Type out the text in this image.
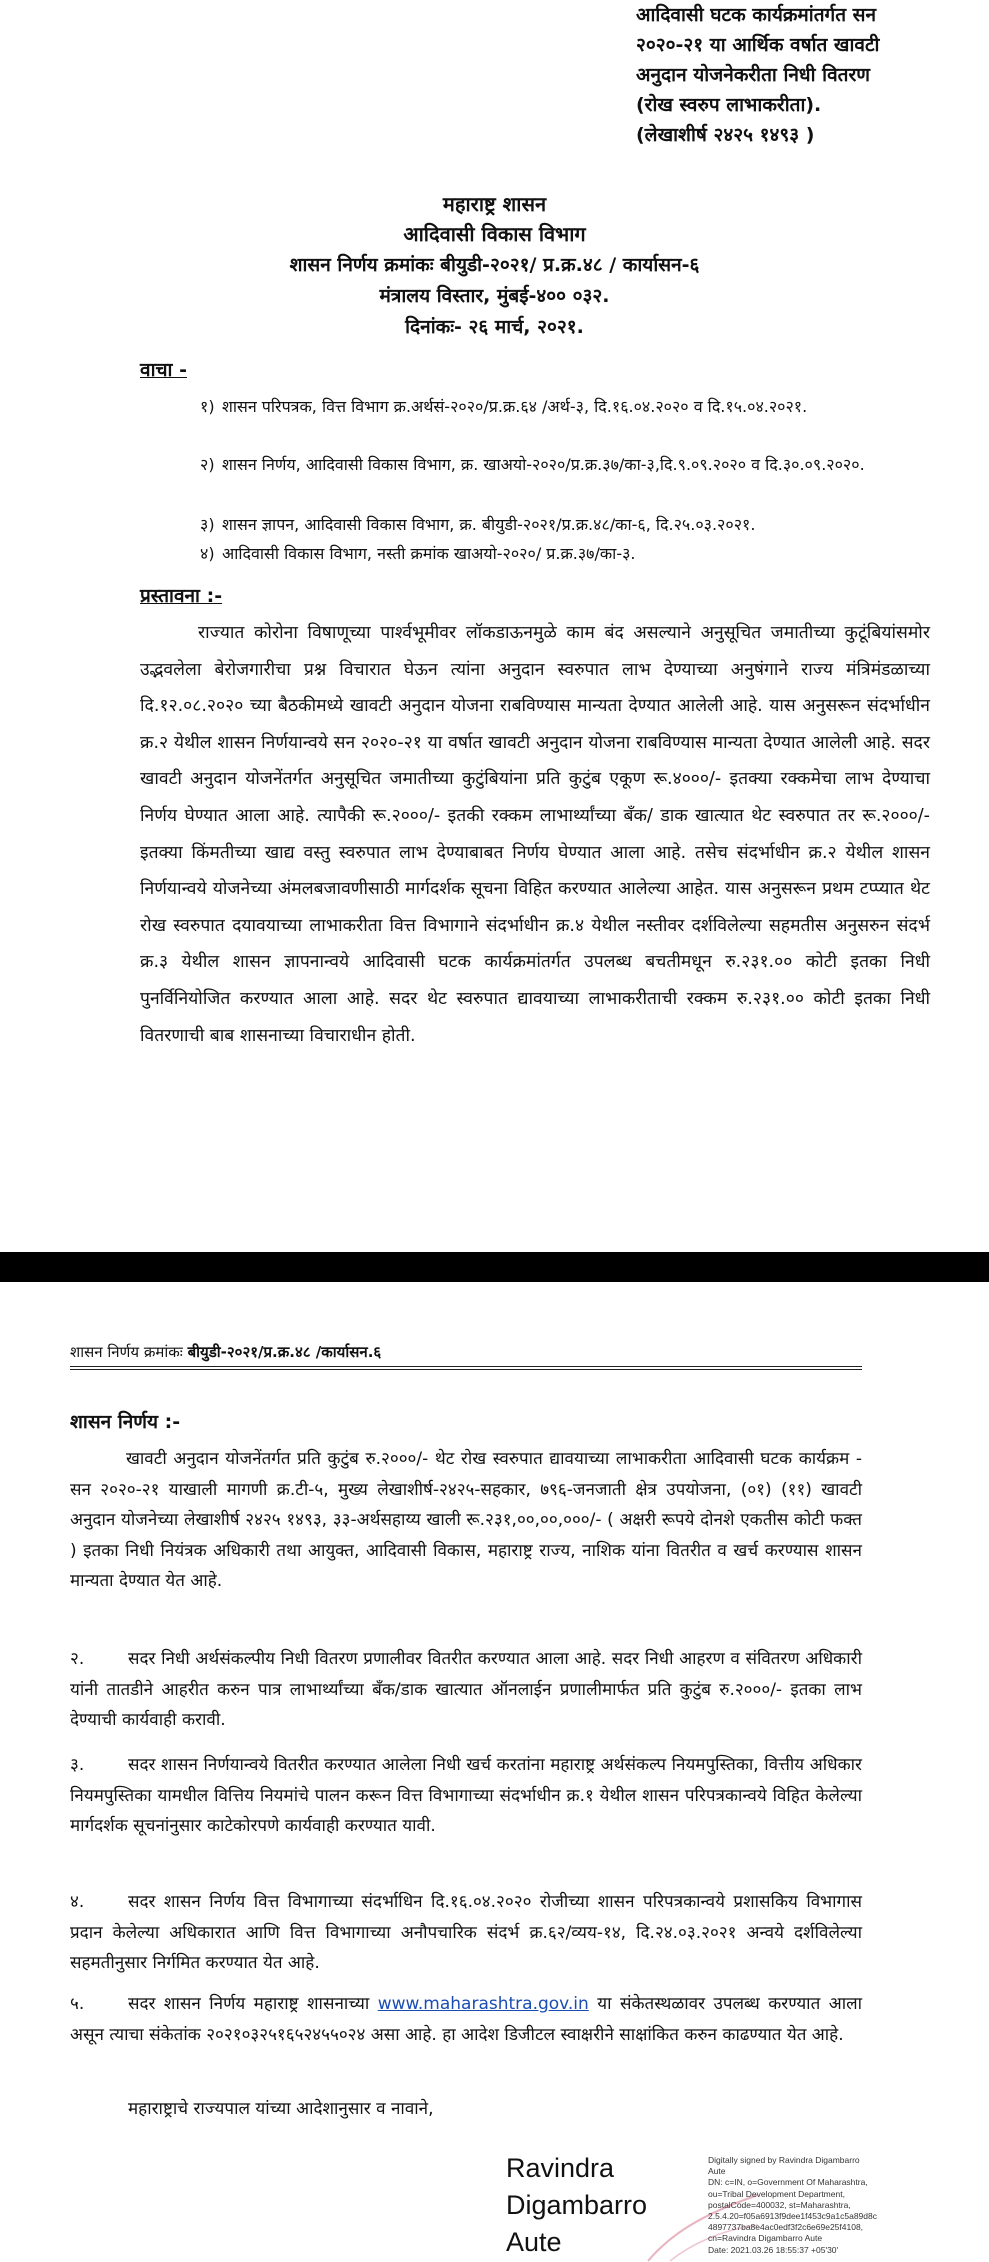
आदिवासी घटक कार्यक्रमांतर्गत सन
२०२०-२१ या आर्थिक वर्षात खावटी
अनुदान योजनेकरीता निधी वितरण
(रोख स्वरुप लाभाकरीता).
(लेखाशीर्ष २४२५ १४९३ )
महाराष्ट्र शासन
आदिवासी विकास विभाग
शासन निर्णय क्रमांकः बीयुडी-२०२१/ प्र.क्र.४८ / कार्यासन-६
मंत्रालय विस्तार, मुंबई-४०० ०३२.
दिनांकः- २६ मार्च, २०२१.
वाचा -
१) शासन परिपत्रक, वित्त विभाग क्र.अर्थसं-२०२०/प्र.क्र.६४ /अर्थ-३, दि.१६.०४.२०२० व दि.१५.०४.२०२१.
२) शासन निर्णय, आदिवासी विकास विभाग, क्र. खाअयो-२०२०/प्र.क्र.३७/का-३,दि.९.०९.२०२० व दि.३०.०९.२०२०.
३) शासन ज्ञापन, आदिवासी विकास विभाग, क्र. बीयुडी-२०२१/प्र.क्र.४८/का-६, दि.२५.०३.२०२१.
४) आदिवासी विकास विभाग, नस्ती क्रमांक खाअयो-२०२०/ प्र.क्र.३७/का-३.
प्रस्तावना :-
राज्यात कोरोना विषाणूच्या पार्श्वभूमीवर लॉकडाऊनमुळे काम बंद असल्याने अनुसूचित जमातीच्या कुटूंबियांसमोर उद्भवलेला बेरोजगारीचा प्रश्न विचारात घेऊन त्यांना अनुदान स्वरुपात लाभ देण्याच्या अनुषंगाने राज्य मंत्रिमंडळाच्या दि.१२.०८.२०२० च्या बैठकीमध्ये खावटी अनुदान योजना राबविण्यास मान्यता देण्यात आलेली आहे. यास अनुसरून संदर्भाधीन क्र.२ येथील शासन निर्णयान्वये सन २०२०-२१ या वर्षात खावटी अनुदान योजना राबविण्यास मान्यता देण्यात आलेली आहे. सदर खावटी अनुदान योजनेंतर्गत अनुसूचित जमातीच्या कुटुंबियांना प्रति कुटुंब एकूण रू.४०००/- इतक्या रक्कमेचा लाभ देण्याचा निर्णय घेण्यात आला आहे. त्यापैकी रू.२०००/- इतकी रक्कम लाभार्थ्यांच्या बँक/ डाक खात्यात थेट स्वरुपात तर रू.२०००/- इतक्या किंमतीच्या खाद्य वस्तु स्वरुपात लाभ देण्याबाबत निर्णय घेण्यात आला आहे. तसेच संदर्भाधीन क्र.२ येथील शासन निर्णयान्वये योजनेच्या अंमलबजावणीसाठी मार्गदर्शक सूचना विहित करण्यात आलेल्या आहेत. यास अनुसरून प्रथम टप्प्यात थेट रोख स्वरुपात दयावयाच्या लाभाकरीता वित्त विभागाने संदर्भाधीन क्र.४ येथील नस्तीवर दर्शविलेल्या सहमतीस अनुसरुन संदर्भ क्र.३ येथील शासन ज्ञापनान्वये आदिवासी घटक कार्यक्रमांतर्गत उपलब्ध बचतीमधून रु.२३१.०० कोटी इतका निधी पुनर्विनियोजित करण्यात आला आहे. सदर थेट स्वरुपात द्यावयाच्या लाभाकरीताची रक्कम रु.२३१.०० कोटी इतका निधी वितरणाची बाब शासनाच्या विचाराधीन होती.
शासन निर्णय क्रमांकः बीयुडी-२०२१/प्र.क्र.४८ /कार्यासन.६
शासन निर्णय :-
खावटी अनुदान योजनेंतर्गत प्रति कुटुंब रु.२०००/- थेट रोख स्वरुपात द्यावयाच्या लाभाकरीता आदिवासी घटक कार्यक्रम - सन २०२०-२१ याखाली मागणी क्र.टी-५, मुख्य लेखाशीर्ष-२४२५-सहकार, ७९६-जनजाती क्षेत्र उपयोजना, (०१) (११) खावटी अनुदान योजनेच्या लेखाशीर्ष २४२५ १४९३, ३३-अर्थसहाय्य खाली रू.२३१,००,००,०००/- ( अक्षरी रूपये दोनशे एकतीस कोटी फक्त ) इतका निधी नियंत्रक अधिकारी तथा आयुक्त, आदिवासी विकास, महाराष्ट्र राज्य, नाशिक यांना वितरीत व खर्च करण्यास शासन मान्यता देण्यात येत आहे.
२.	सदर निधी अर्थसंकल्पीय निधी वितरण प्रणालीवर वितरीत करण्यात आला आहे. सदर निधी आहरण व संवितरण अधिकारी यांनी तातडीने आहरीत करुन पात्र लाभार्थ्यांच्या बँक/डाक खात्यात ऑनलाईन प्रणालीमार्फत प्रति कुटुंब रु.२०००/- इतका लाभ देण्याची कार्यवाही करावी.
३.	सदर शासन निर्णयान्वये वितरीत करण्यात आलेला निधी खर्च करतांना महाराष्ट्र अर्थसंकल्प नियमपुस्तिका, वित्तीय अधिकार नियमपुस्तिका यामधील वित्तिय नियमांचे पालन करून वित्त विभागाच्या संदर्भाधीन क्र.१ येथील शासन परिपत्रकान्वये विहित केलेल्या मार्गदर्शक सूचनांनुसार काटेकोरपणे कार्यवाही करण्यात यावी.
४.	सदर शासन निर्णय वित्त विभागाच्या संदर्भाधिन दि.१६.०४.२०२० रोजीच्या शासन परिपत्रकान्वये प्रशासकिय विभागास प्रदान केलेल्या अधिकारात आणि वित्त विभागाच्या अनौपचारिक संदर्भ क्र.६२/व्यय-१४, दि.२४.०३.२०२१ अन्वये दर्शविलेल्या सहमतीनुसार निर्गमित करण्यात येत आहे.
५.	सदर शासन निर्णय महाराष्ट्र शासनाच्या www.maharashtra.gov.in या संकेतस्थळावर उपलब्ध करण्यात आला असून त्याचा संकेतांक २०२१०३२५१६५२४५५०२४ असा आहे. हा आदेश डिजीटल स्वाक्षरीने साक्षांकित करुन काढण्यात येत आहे.
महाराष्ट्राचे राज्यपाल यांच्या आदेशानुसार व नावाने,
Ravindra
Digambarro
Aute
Digitally signed by Ravindra Digambarro
Aute
DN: c=IN, o=Government Of Maharashtra,
ou=Tribal Development Department,
postalCode=400032, st=Maharashtra,
2.5.4.20=f05a6913f9dee1f453c9a1c5a89d8c
4897737ba8e4ac0edf3f2c6e69e25f4108,
cn=Ravindra Digambarro Aute
Date: 2021.03.26 18:55:37 +05'30'
